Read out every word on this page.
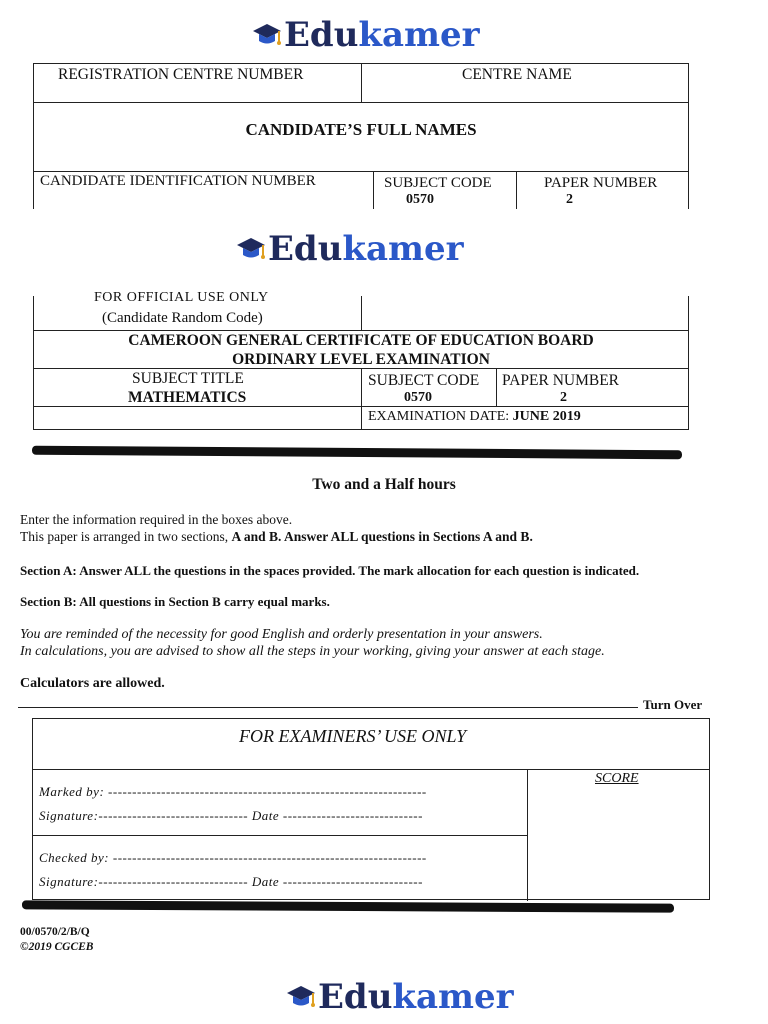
Edu kamer
REGISTRATION CENTRE NUMBER	CENTRE NAME
CANDIDATE’S FULL NAMES
CANDIDATE IDENTIFICATION NUMBER	SUBJECT CODE
0570
PAPER NUMBER
2
Edu kamer
FOR OFFICIAL USE ONLY
(Candidate Random Code)
CAMEROON GENERAL CERTIFICATE OF EDUCATION BOARD
ORDINARY LEVEL EXAMINATION
SUBJECT TITLE
MATHEMATICS
SUBJECT CODE
0570
PAPER NUMBER
2
EXAMINATION DATE: JUNE 2019
Two and a Half hours
Enter the information required in the boxes above.
This paper is arranged in two sections, A and B. Answer ALL questions in Sections A and B.
Section A: Answer ALL the questions in the spaces provided. The mark allocation for each question is indicated.
Section B: All questions in Section B carry equal marks.
You are reminded of the necessity for good English and orderly presentation in your answers.
In calculations, you are advised to show all the steps in your working, giving your answer at each stage.
Calculators are allowed.
Turn Over
FOR EXAMINERS’ USE ONLY
SCORE
Marked by: ------------------------------------------------------------------
Signature:------------------------------- Date -----------------------------
Checked by: -----------------------------------------------------------------
Signature:------------------------------- Date -----------------------------
00/0570/2/B/Q
©2019 CGCEB
Edu kamer
